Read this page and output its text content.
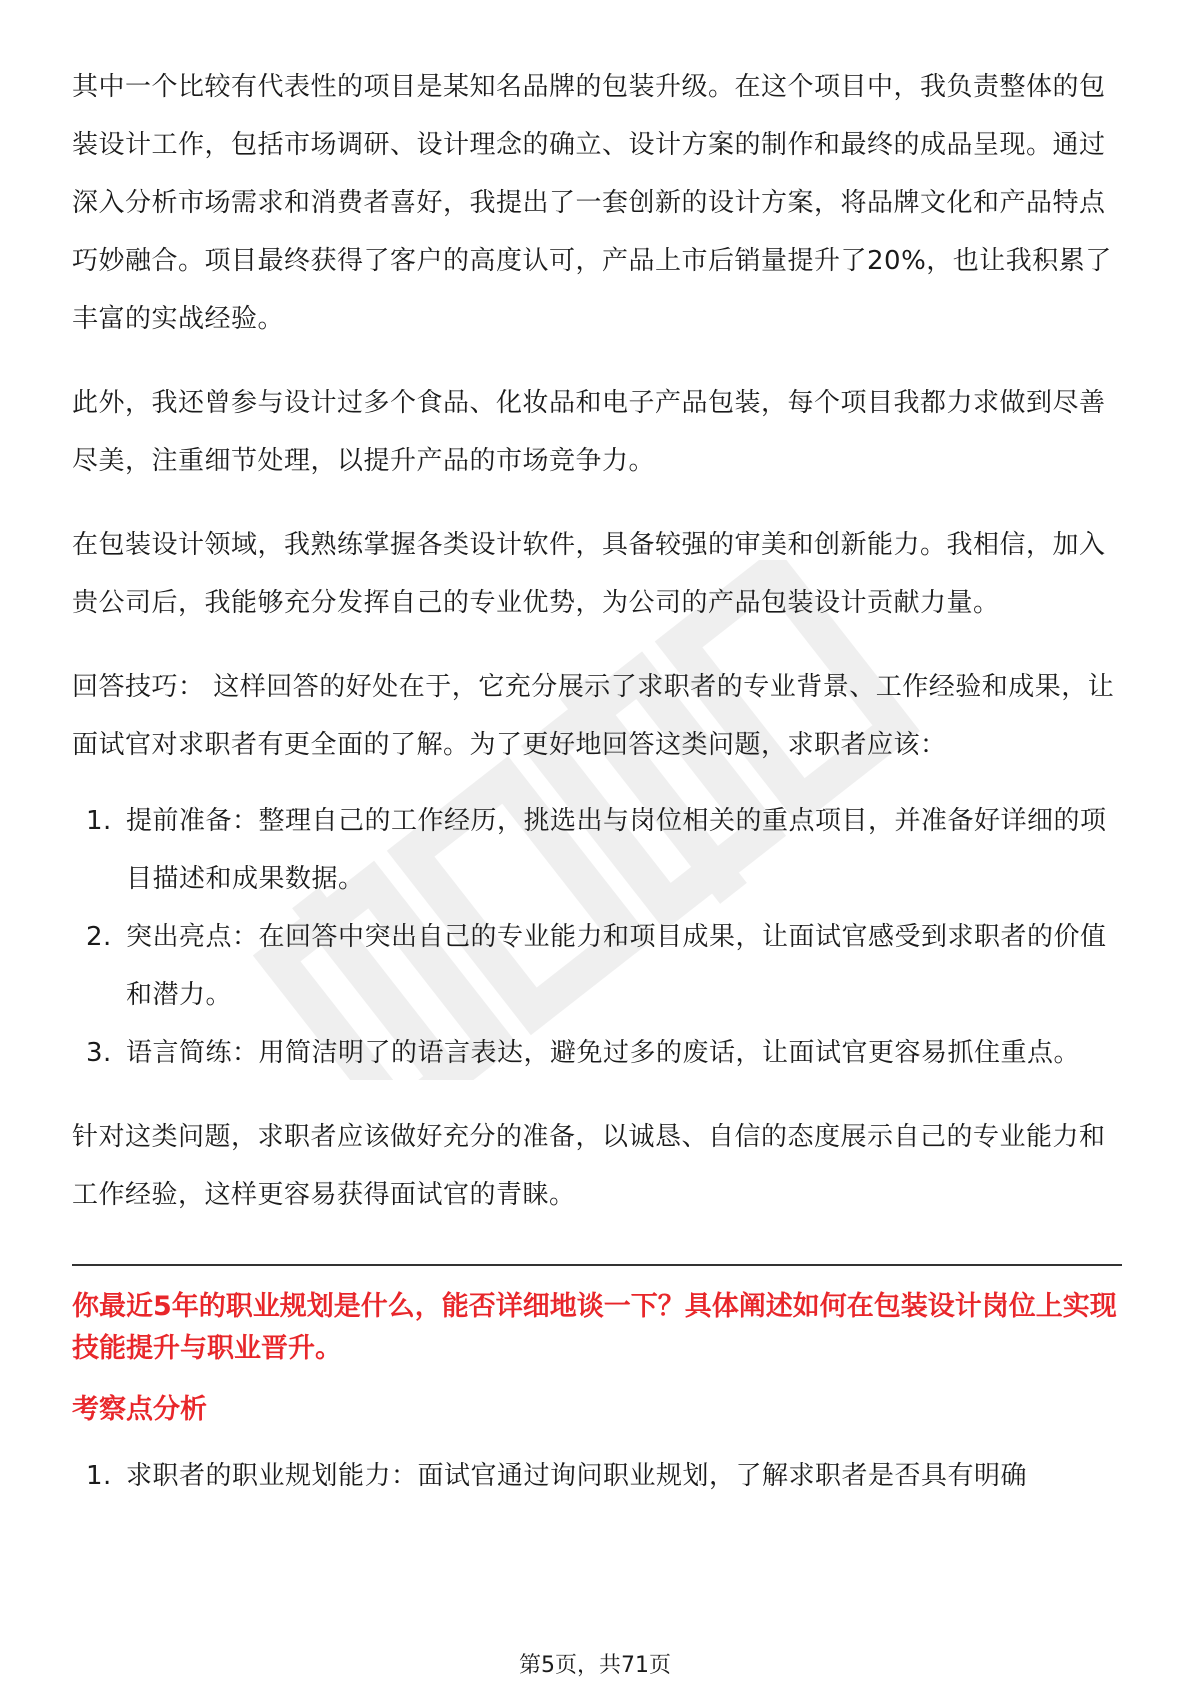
其中一个比较有代表性的项目是某知名品牌的包装升级。在这个项目中，我负责整体的包装设计工作，包括市场调研、设计理念的确立、设计方案的制作和最终的成品呈现。通过深入分析市场需求和消费者喜好，我提出了一套创新的设计方案，将品牌文化和产品特点巧妙融合。项目最终获得了客户的高度认可，产品上市后销量提升了20%，也让我积累了丰富的实战经验。

此外，我还曾参与设计过多个食品、化妆品和电子产品包装，每个项目我都力求做到尽善尽美，注重细节处理，以提升产品的市场竞争力。

在包装设计领域，我熟练掌握各类设计软件，具备较强的审美和创新能力。我相信，加入贵公司后，我能够充分发挥自己的专业优势，为公司的产品包装设计贡献力量。

回答技巧： 这样回答的好处在于，它充分展示了求职者的专业背景、工作经验和成果，让面试官对求职者有更全面的了解。为了更好地回答这类问题，求职者应该：

1. 提前准备：整理自己的工作经历，挑选出与岗位相关的重点项目，并准备好详细的项目描述和成果数据。
2. 突出亮点：在回答中突出自己的专业能力和项目成果，让面试官感受到求职者的价值和潜力。
3. 语言简练：用简洁明了的语言表达，避免过多的废话，让面试官更容易抓住重点。

针对这类问题，求职者应该做好充分的准备，以诚恳、自信的态度展示自己的专业能力和工作经验，这样更容易获得面试官的青睐。

你最近5年的职业规划是什么，能否详细地谈一下？具体阐述如何在包装设计岗位上实现技能提升与职业晋升。

考察点分析

1. 求职者的职业规划能力：面试官通过询问职业规划，了解求职者是否具有明确
第5页，共71页
